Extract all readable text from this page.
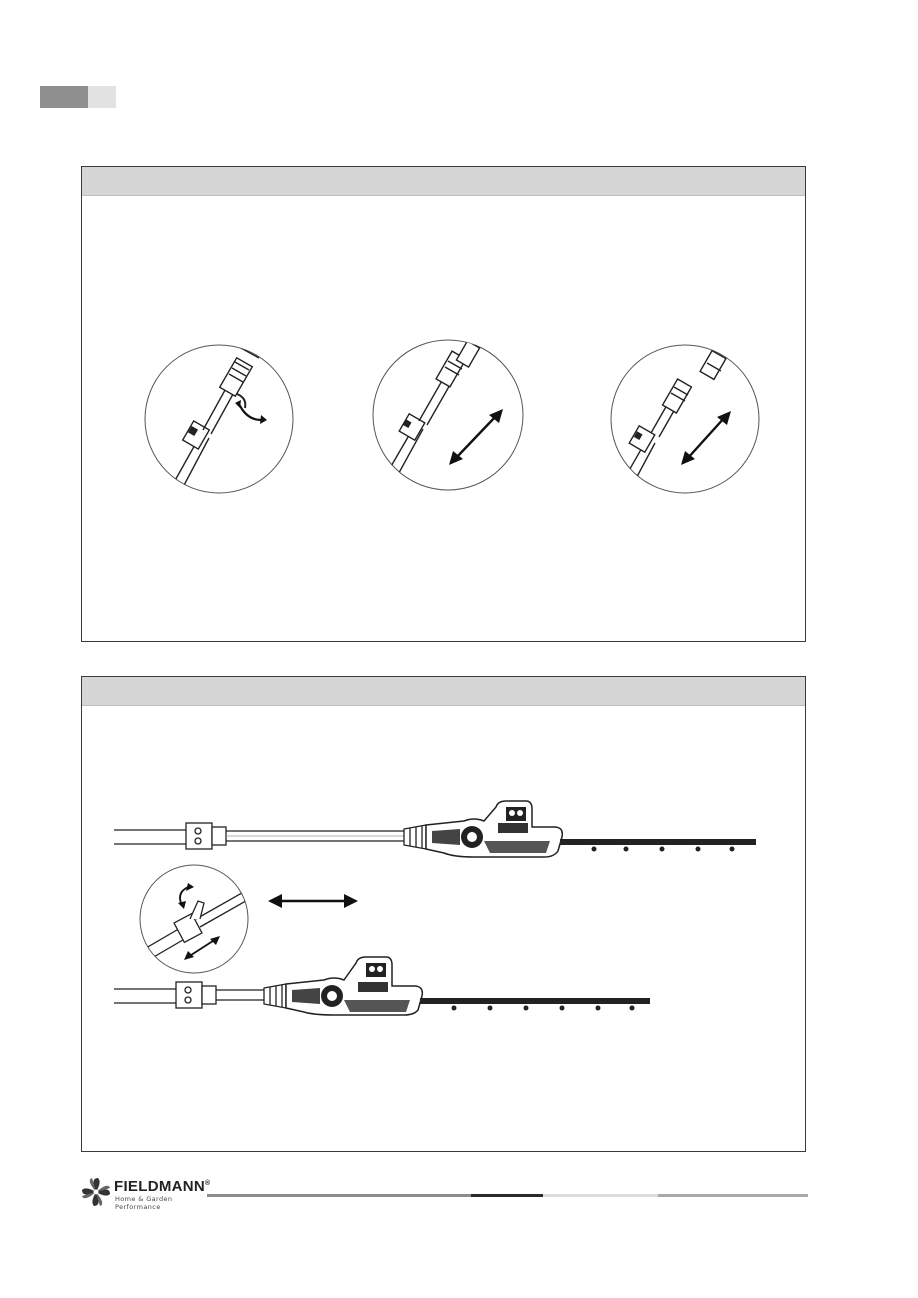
FIELDMANN®
Home & Garden Performance
